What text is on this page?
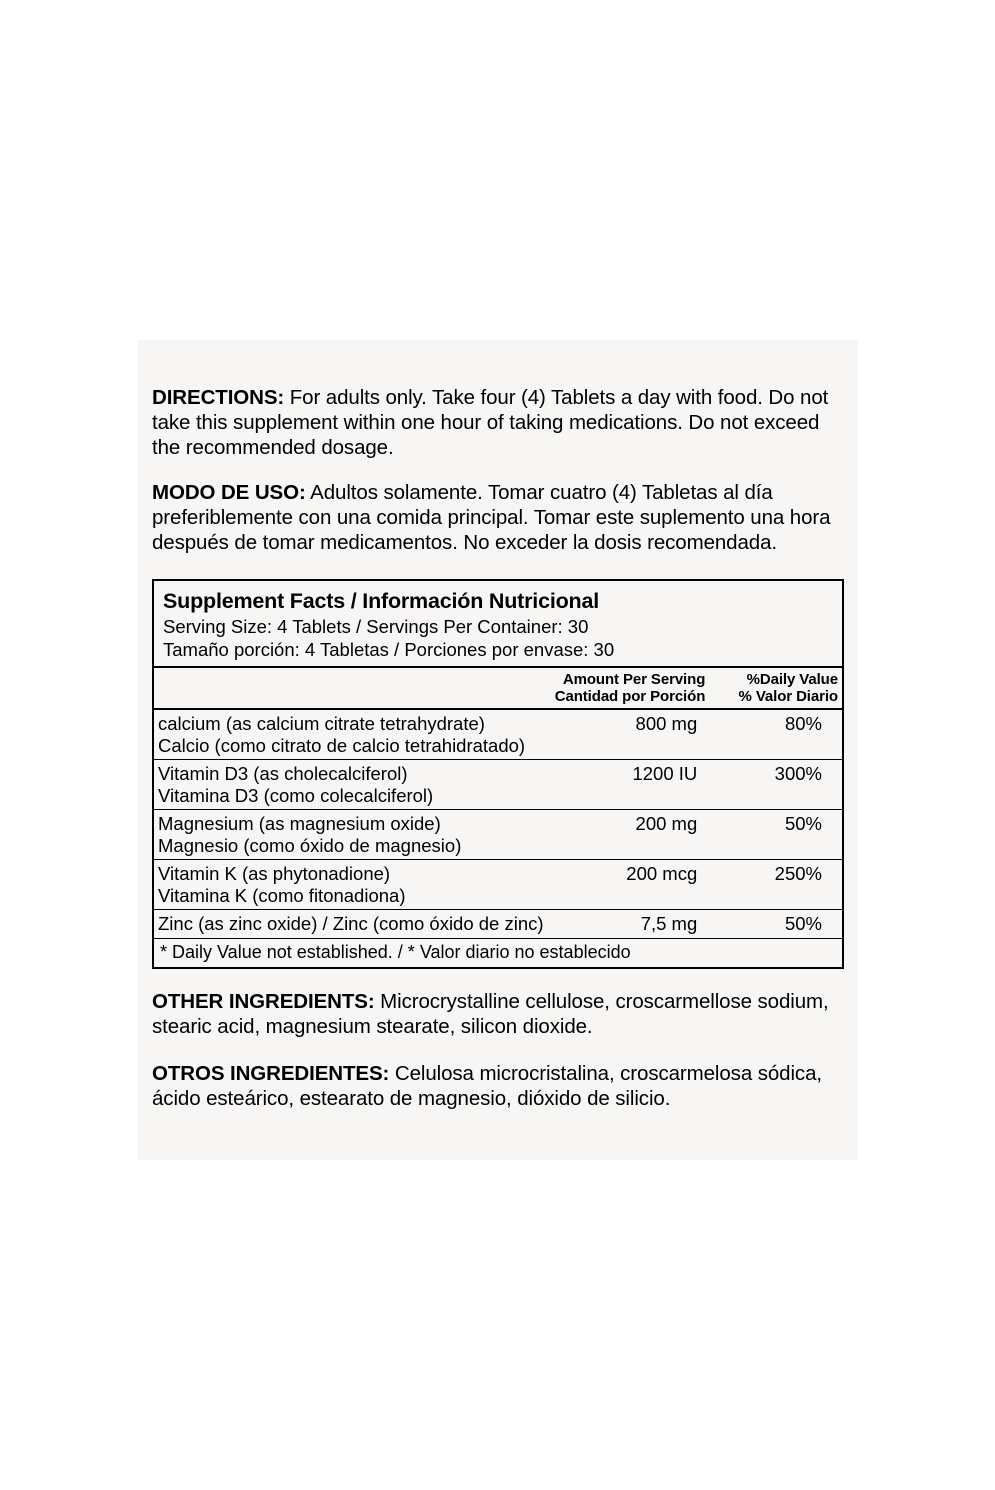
DIRECTIONS: For adults only. Take four (4) Tablets a day with food. Do not take this supplement within one hour of taking medications. Do not exceed the recommended dosage.

MODO DE USO: Adultos solamente. Tomar cuatro (4) Tabletas al día preferiblemente con una comida principal. Tomar este suplemento una hora después de tomar medicamentos. No exceder la dosis recomendada.

Supplement Facts / Información Nutricional
Serving Size: 4 Tablets / Servings Per Container: 30
Tamaño porción: 4 Tabletas / Porciones por envase: 30

Amount Per Serving
Cantidad por Porción

%Daily Value
% Valor Diario

calcium (as calcium citrate tetrahydrate)
Calcio (como citrato de calcio tetrahidratado)	800 mg	80%

Vitamin D3 (as cholecalciferol)
Vitamina D3 (como colecalciferol)	1200 IU	300%

Magnesium (as magnesium oxide)
Magnesio (como óxido de magnesio)	200 mg	50%

Vitamin K (as phytonadione)
Vitamina K (como fitonadiona)	200 mcg	250%

Zinc (as zinc oxide) / Zinc (como óxido de zinc)	7,5 mg	50%
* Daily Value not established. / * Valor diario no establecido

OTHER INGREDIENTS: Microcrystalline cellulose, croscarmellose sodium, stearic acid, magnesium stearate, silicon dioxide.

OTROS INGREDIENTES: Celulosa microcristalina, croscarmelosa sódica, ácido esteárico, estearato de magnesio, dióxido de silicio.
